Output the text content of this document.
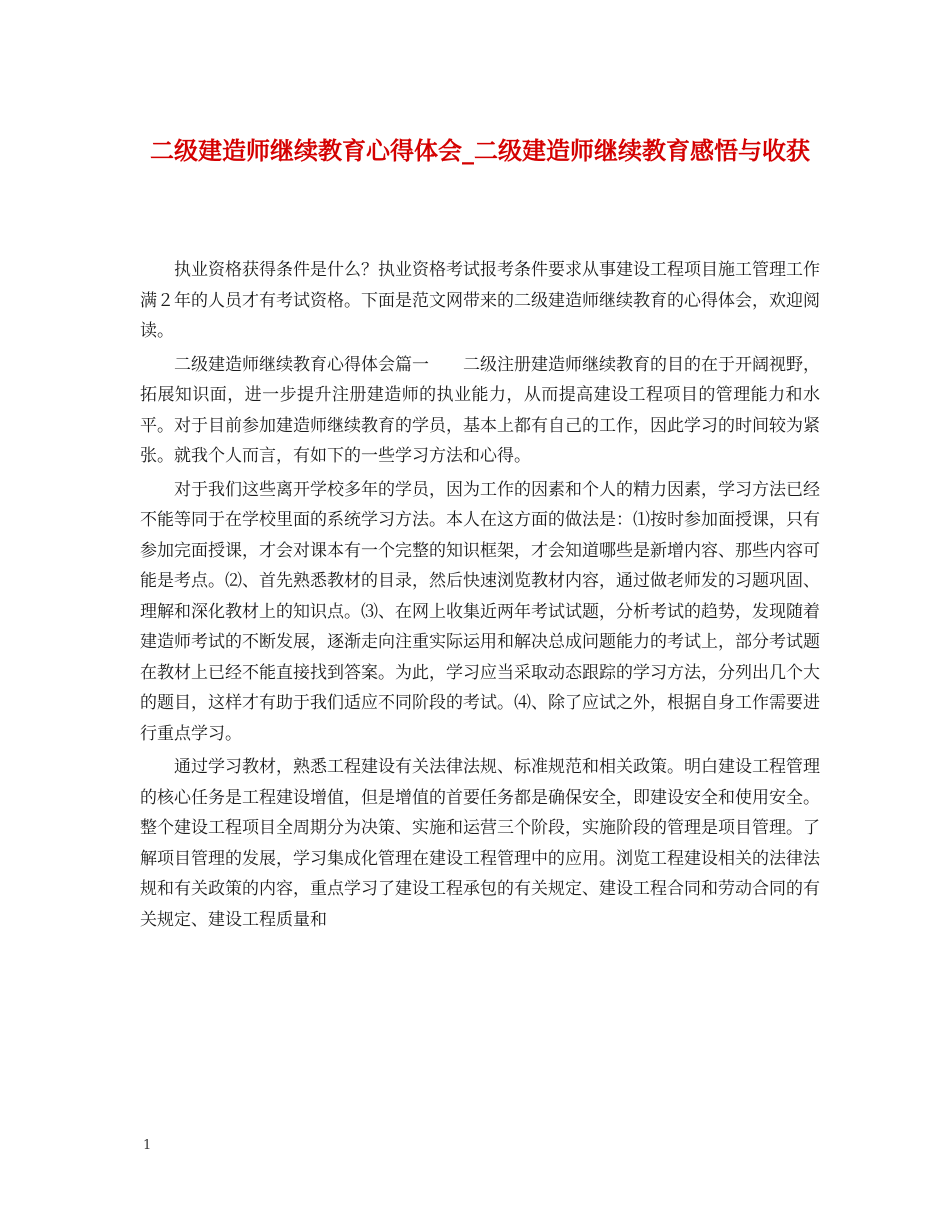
二级建造师继续教育心得体会_二级建造师继续教育感悟与收获

执业资格获得条件是什么？执业资格考试报考条件要求从事建设工程项目施工管理工作满２年的人员才有考试资格。下面是范文网带来的二级建造师继续教育的心得体会，欢迎阅读。

二级建造师继续教育心得体会篇一　　二级注册建造师继续教育的目的在于开阔视野，拓展知识面，进一步提升注册建造师的执业能力，从而提高建设工程项目的管理能力和水平。对于目前参加建造师继续教育的学员，基本上都有自己的工作，因此学习的时间较为紧张。就我个人而言，有如下的一些学习方法和心得。

对于我们这些离开学校多年的学员，因为工作的因素和个人的精力因素，学习方法已经不能等同于在学校里面的系统学习方法。本人在这方面的做法是：⑴按时参加面授课，只有参加完面授课，才会对课本有一个完整的知识框架，才会知道哪些是新增内容、那些内容可能是考点。⑵、首先熟悉教材的目录，然后快速浏览教材内容，通过做老师发的习题巩固、理解和深化教材上的知识点。⑶、在网上收集近两年考试试题，分析考试的趋势，发现随着建造师考试的不断发展，逐渐走向注重实际运用和解决总成问题能力的考试上，部分考试题在教材上已经不能直接找到答案。为此，学习应当采取动态跟踪的学习方法，分列出几个大的题目，这样才有助于我们适应不同阶段的考试。⑷、除了应试之外，根据自身工作需要进行重点学习。

通过学习教材，熟悉工程建设有关法律法规、标准规范和相关政策。明白建设工程管理的核心任务是工程建设增值，但是增值的首要任务都是确保安全，即建设安全和使用安全。整个建设工程项目全周期分为决策、实施和运营三个阶段，实施阶段的管理是项目管理。了解项目管理的发展，学习集成化管理在建设工程管理中的应用。浏览工程建设相关的法律法规和有关政策的内容，重点学习了建设工程承包的有关规定、建设工程合同和劳动合同的有关规定、建设工程质量和

1
